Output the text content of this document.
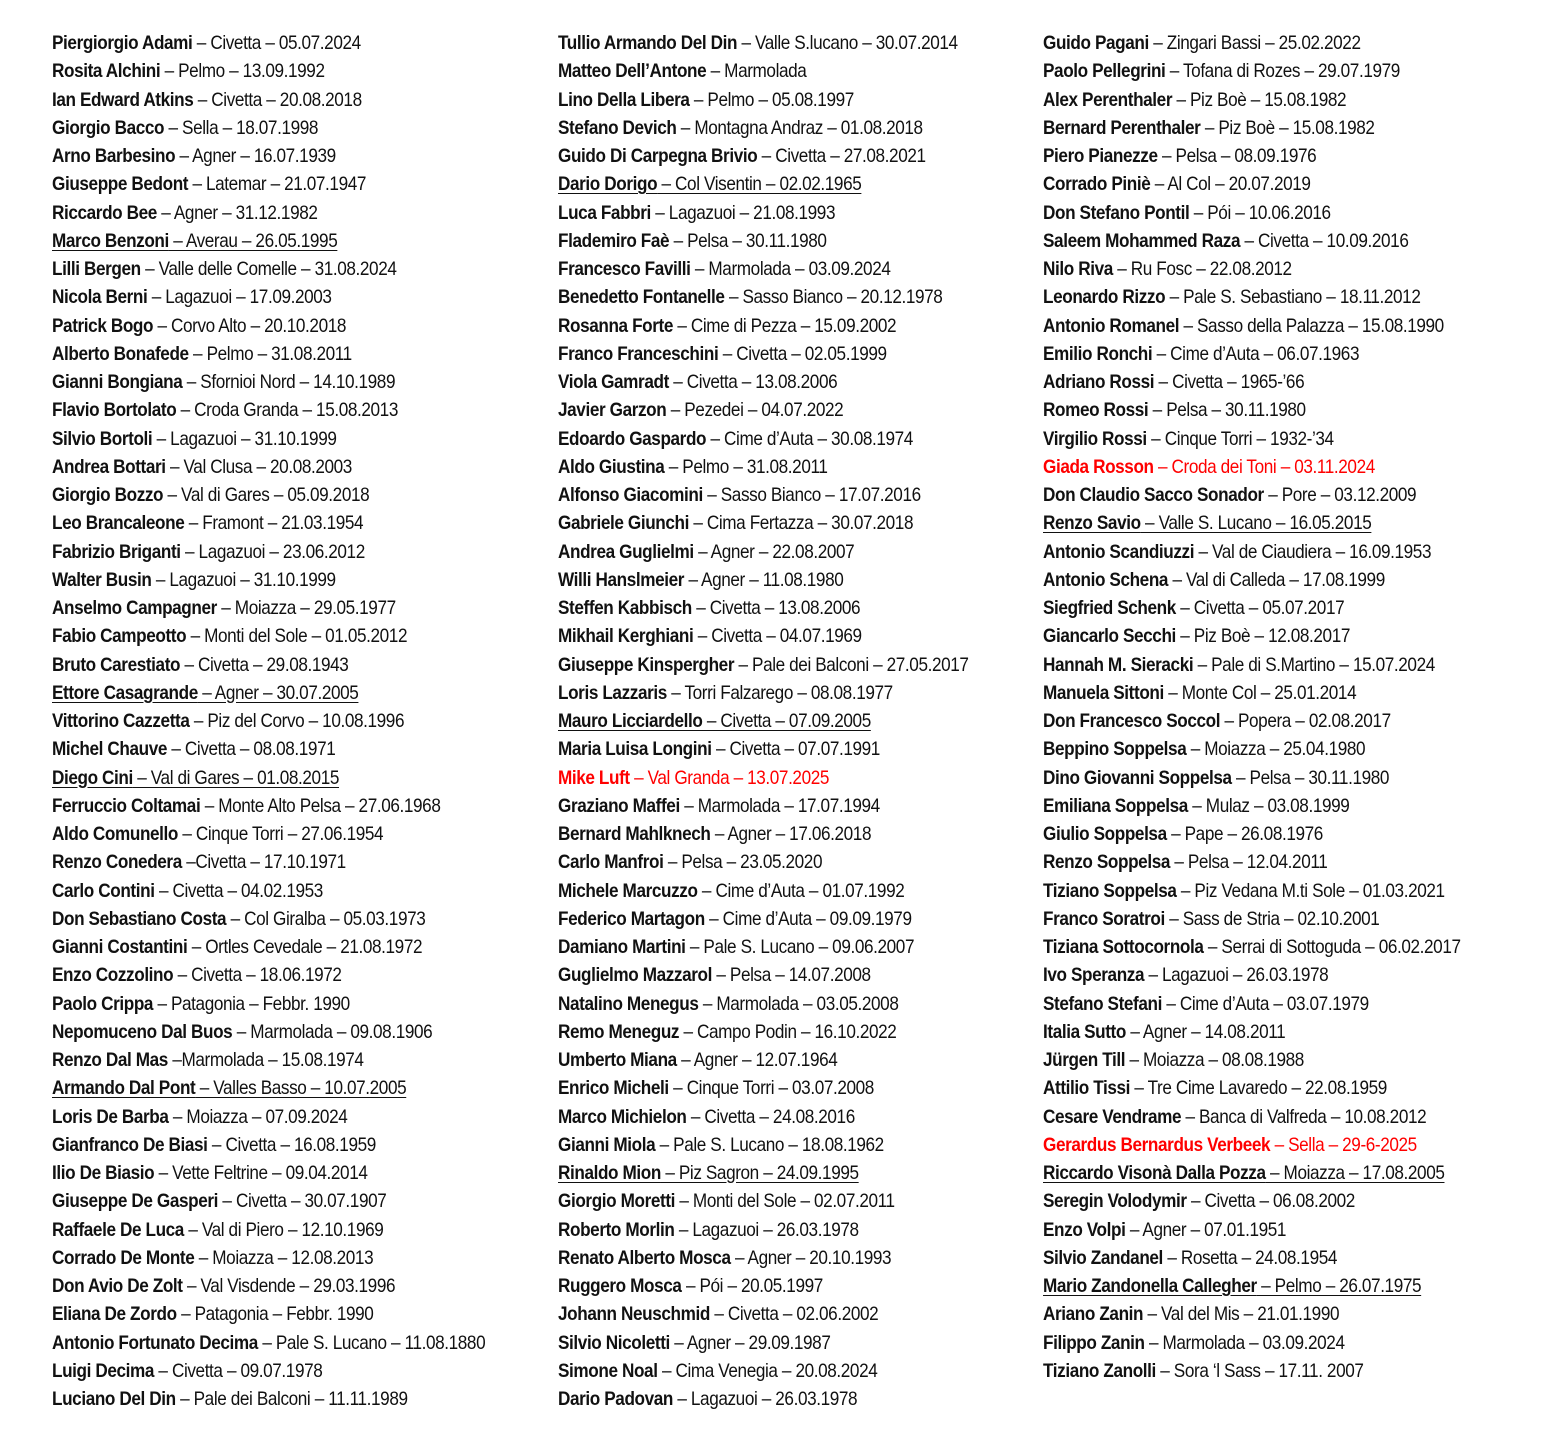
Piergiorgio Adami – Civetta – 05.07.2024
Rosita Alchini – Pelmo – 13.09.1992
Ian Edward Atkins – Civetta – 20.08.2018
Giorgio Bacco – Sella – 18.07.1998
Arno Barbesino – Agner – 16.07.1939
Giuseppe Bedont – Latemar – 21.07.1947
Riccardo Bee – Agner – 31.12.1982
Marco Benzoni – Averau – 26.05.1995
Lilli Bergen – Valle delle Comelle – 31.08.2024
Nicola Berni – Lagazuoi – 17.09.2003
Patrick Bogo – Corvo Alto – 20.10.2018
Alberto Bonafede – Pelmo – 31.08.2011
Gianni Bongiana – Sfornioi Nord – 14.10.1989
Flavio Bortolato – Croda Granda – 15.08.2013
Silvio Bortoli – Lagazuoi – 31.10.1999
Andrea Bottari – Val Clusa – 20.08.2003
Giorgio Bozzo – Val di Gares – 05.09.2018
Leo Brancaleone – Framont – 21.03.1954
Fabrizio Briganti – Lagazuoi – 23.06.2012
Walter Busin – Lagazuoi – 31.10.1999
Anselmo Campagner – Moiazza – 29.05.1977
Fabio Campeotto – Monti del Sole – 01.05.2012
Bruto Carestiato – Civetta – 29.08.1943
Ettore Casagrande – Agner – 30.07.2005
Vittorino Cazzetta – Piz del Corvo – 10.08.1996
Michel Chauve – Civetta – 08.08.1971
Diego Cini – Val di Gares – 01.08.2015
Ferruccio Coltamai – Monte Alto Pelsa – 27.06.1968
Aldo Comunello – Cinque Torri – 27.06.1954
Renzo Conedera –Civetta – 17.10.1971
Carlo Contini – Civetta – 04.02.1953
Don Sebastiano Costa – Col Giralba – 05.03.1973
Gianni Costantini – Ortles Cevedale – 21.08.1972
Enzo Cozzolino – Civetta – 18.06.1972
Paolo Crippa – Patagonia – Febbr. 1990
Nepomuceno Dal Buos – Marmolada – 09.08.1906
Renzo Dal Mas –Marmolada – 15.08.1974
Armando Dal Pont – Valles Basso – 10.07.2005
Loris De Barba – Moiazza – 07.09.2024
Gianfranco De Biasi – Civetta – 16.08.1959
Ilio De Biasio – Vette Feltrine – 09.04.2014
Giuseppe De Gasperi – Civetta – 30.07.1907
Raffaele De Luca – Val di Piero – 12.10.1969
Corrado De Monte – Moiazza – 12.08.2013
Don Avio De Zolt – Val Visdende – 29.03.1996
Eliana De Zordo – Patagonia – Febbr. 1990
Antonio Fortunato Decima – Pale S. Lucano – 11.08.1880
Luigi Decima – Civetta – 09.07.1978
Luciano Del Din – Pale dei Balconi – 11.11.1989
Tullio Armando Del Din – Valle S.lucano – 30.07.2014
Matteo Dell’Antone – Marmolada
Lino Della Libera – Pelmo – 05.08.1997
Stefano Devich – Montagna Andraz – 01.08.2018
Guido Di Carpegna Brivio – Civetta – 27.08.2021
Dario Dorigo – Col Visentin – 02.02.1965
Luca Fabbri – Lagazuoi – 21.08.1993
Flademiro Faè – Pelsa – 30.11.1980
Francesco Favilli – Marmolada – 03.09.2024
Benedetto Fontanelle – Sasso Bianco – 20.12.1978
Rosanna Forte – Cime di Pezza – 15.09.2002
Franco Franceschini – Civetta – 02.05.1999
Viola Gamradt – Civetta – 13.08.2006
Javier Garzon – Pezedei – 04.07.2022
Edoardo Gaspardo – Cime d’Auta – 30.08.1974
Aldo Giustina – Pelmo – 31.08.2011
Alfonso Giacomini – Sasso Bianco – 17.07.2016
Gabriele Giunchi – Cima Fertazza – 30.07.2018
Andrea Guglielmi – Agner – 22.08.2007
Willi Hanslmeier – Agner – 11.08.1980
Steffen Kabbisch – Civetta – 13.08.2006
Mikhail Kerghiani – Civetta – 04.07.1969
Giuseppe Kinspergher – Pale dei Balconi – 27.05.2017
Loris Lazzaris – Torri Falzarego – 08.08.1977
Mauro Licciardello – Civetta – 07.09.2005
Maria Luisa Longini – Civetta – 07.07.1991
Mike Luft – Val Granda – 13.07.2025
Graziano Maffei – Marmolada – 17.07.1994
Bernard Mahlknech – Agner – 17.06.2018
Carlo Manfroi – Pelsa – 23.05.2020
Michele Marcuzzo – Cime d’Auta – 01.07.1992
Federico Martagon – Cime d’Auta – 09.09.1979
Damiano Martini – Pale S. Lucano – 09.06.2007
Guglielmo Mazzarol – Pelsa – 14.07.2008
Natalino Menegus – Marmolada – 03.05.2008
Remo Meneguz – Campo Podin – 16.10.2022
Umberto Miana – Agner – 12.07.1964
Enrico Micheli – Cinque Torri – 03.07.2008
Marco Michielon – Civetta – 24.08.2016
Gianni Miola – Pale S. Lucano – 18.08.1962
Rinaldo Mion – Piz Sagron – 24.09.1995
Giorgio Moretti – Monti del Sole – 02.07.2011
Roberto Morlin – Lagazuoi – 26.03.1978
Renato Alberto Mosca – Agner – 20.10.1993
Ruggero Mosca – Pói – 20.05.1997
Johann Neuschmid – Civetta – 02.06.2002
Silvio Nicoletti – Agner – 29.09.1987
Simone Noal – Cima Venegia – 20.08.2024
Dario Padovan – Lagazuoi – 26.03.1978
Guido Pagani – Zingari Bassi – 25.02.2022
Paolo Pellegrini – Tofana di Rozes – 29.07.1979
Alex Perenthaler – Piz Boè – 15.08.1982
Bernard Perenthaler – Piz Boè – 15.08.1982
Piero Pianezze – Pelsa – 08.09.1976
Corrado Piniè – Al Col – 20.07.2019
Don Stefano Pontil – Pói – 10.06.2016
Saleem Mohammed Raza – Civetta – 10.09.2016
Nilo Riva – Ru Fosc – 22.08.2012
Leonardo Rizzo – Pale S. Sebastiano – 18.11.2012
Antonio Romanel – Sasso della Palazza – 15.08.1990
Emilio Ronchi – Cime d’Auta – 06.07.1963
Adriano Rossi – Civetta – 1965-’66
Romeo Rossi – Pelsa – 30.11.1980
Virgilio Rossi – Cinque Torri – 1932-’34
Giada Rosson – Croda dei Toni – 03.11.2024
Don Claudio Sacco Sonador – Pore – 03.12.2009
Renzo Savio – Valle S. Lucano – 16.05.2015
Antonio Scandiuzzi – Val de Ciaudiera – 16.09.1953
Antonio Schena – Val di Calleda – 17.08.1999
Siegfried Schenk – Civetta – 05.07.2017
Giancarlo Secchi – Piz Boè – 12.08.2017
Hannah M. Sieracki – Pale di S.Martino – 15.07.2024
Manuela Sittoni – Monte Col – 25.01.2014
Don Francesco Soccol – Popera – 02.08.2017
Beppino Soppelsa – Moiazza – 25.04.1980
Dino Giovanni Soppelsa – Pelsa – 30.11.1980
Emiliana Soppelsa – Mulaz – 03.08.1999
Giulio Soppelsa – Pape – 26.08.1976
Renzo Soppelsa – Pelsa – 12.04.2011
Tiziano Soppelsa – Piz Vedana M.ti Sole – 01.03.2021
Franco Soratroi – Sass de Stria – 02.10.2001
Tiziana Sottocornola – Serrai di Sottoguda – 06.02.2017
Ivo Speranza – Lagazuoi – 26.03.1978
Stefano Stefani – Cime d’Auta – 03.07.1979
Italia Sutto – Agner – 14.08.2011
Jürgen Till – Moiazza – 08.08.1988
Attilio Tissi – Tre Cime Lavaredo – 22.08.1959
Cesare Vendrame – Banca di Valfreda – 10.08.2012
Gerardus Bernardus Verbeek – Sella – 29-6-2025
Riccardo Visonà Dalla Pozza – Moiazza – 17.08.2005
Seregin Volodymir – Civetta – 06.08.2002
Enzo Volpi – Agner – 07.01.1951
Silvio Zandanel – Rosetta – 24.08.1954
Mario Zandonella Callegher – Pelmo – 26.07.1975
Ariano Zanin – Val del Mis – 21.01.1990
Filippo Zanin – Marmolada – 03.09.2024
Tiziano Zanolli – Sora ‘l Sass – 17.11. 2007
